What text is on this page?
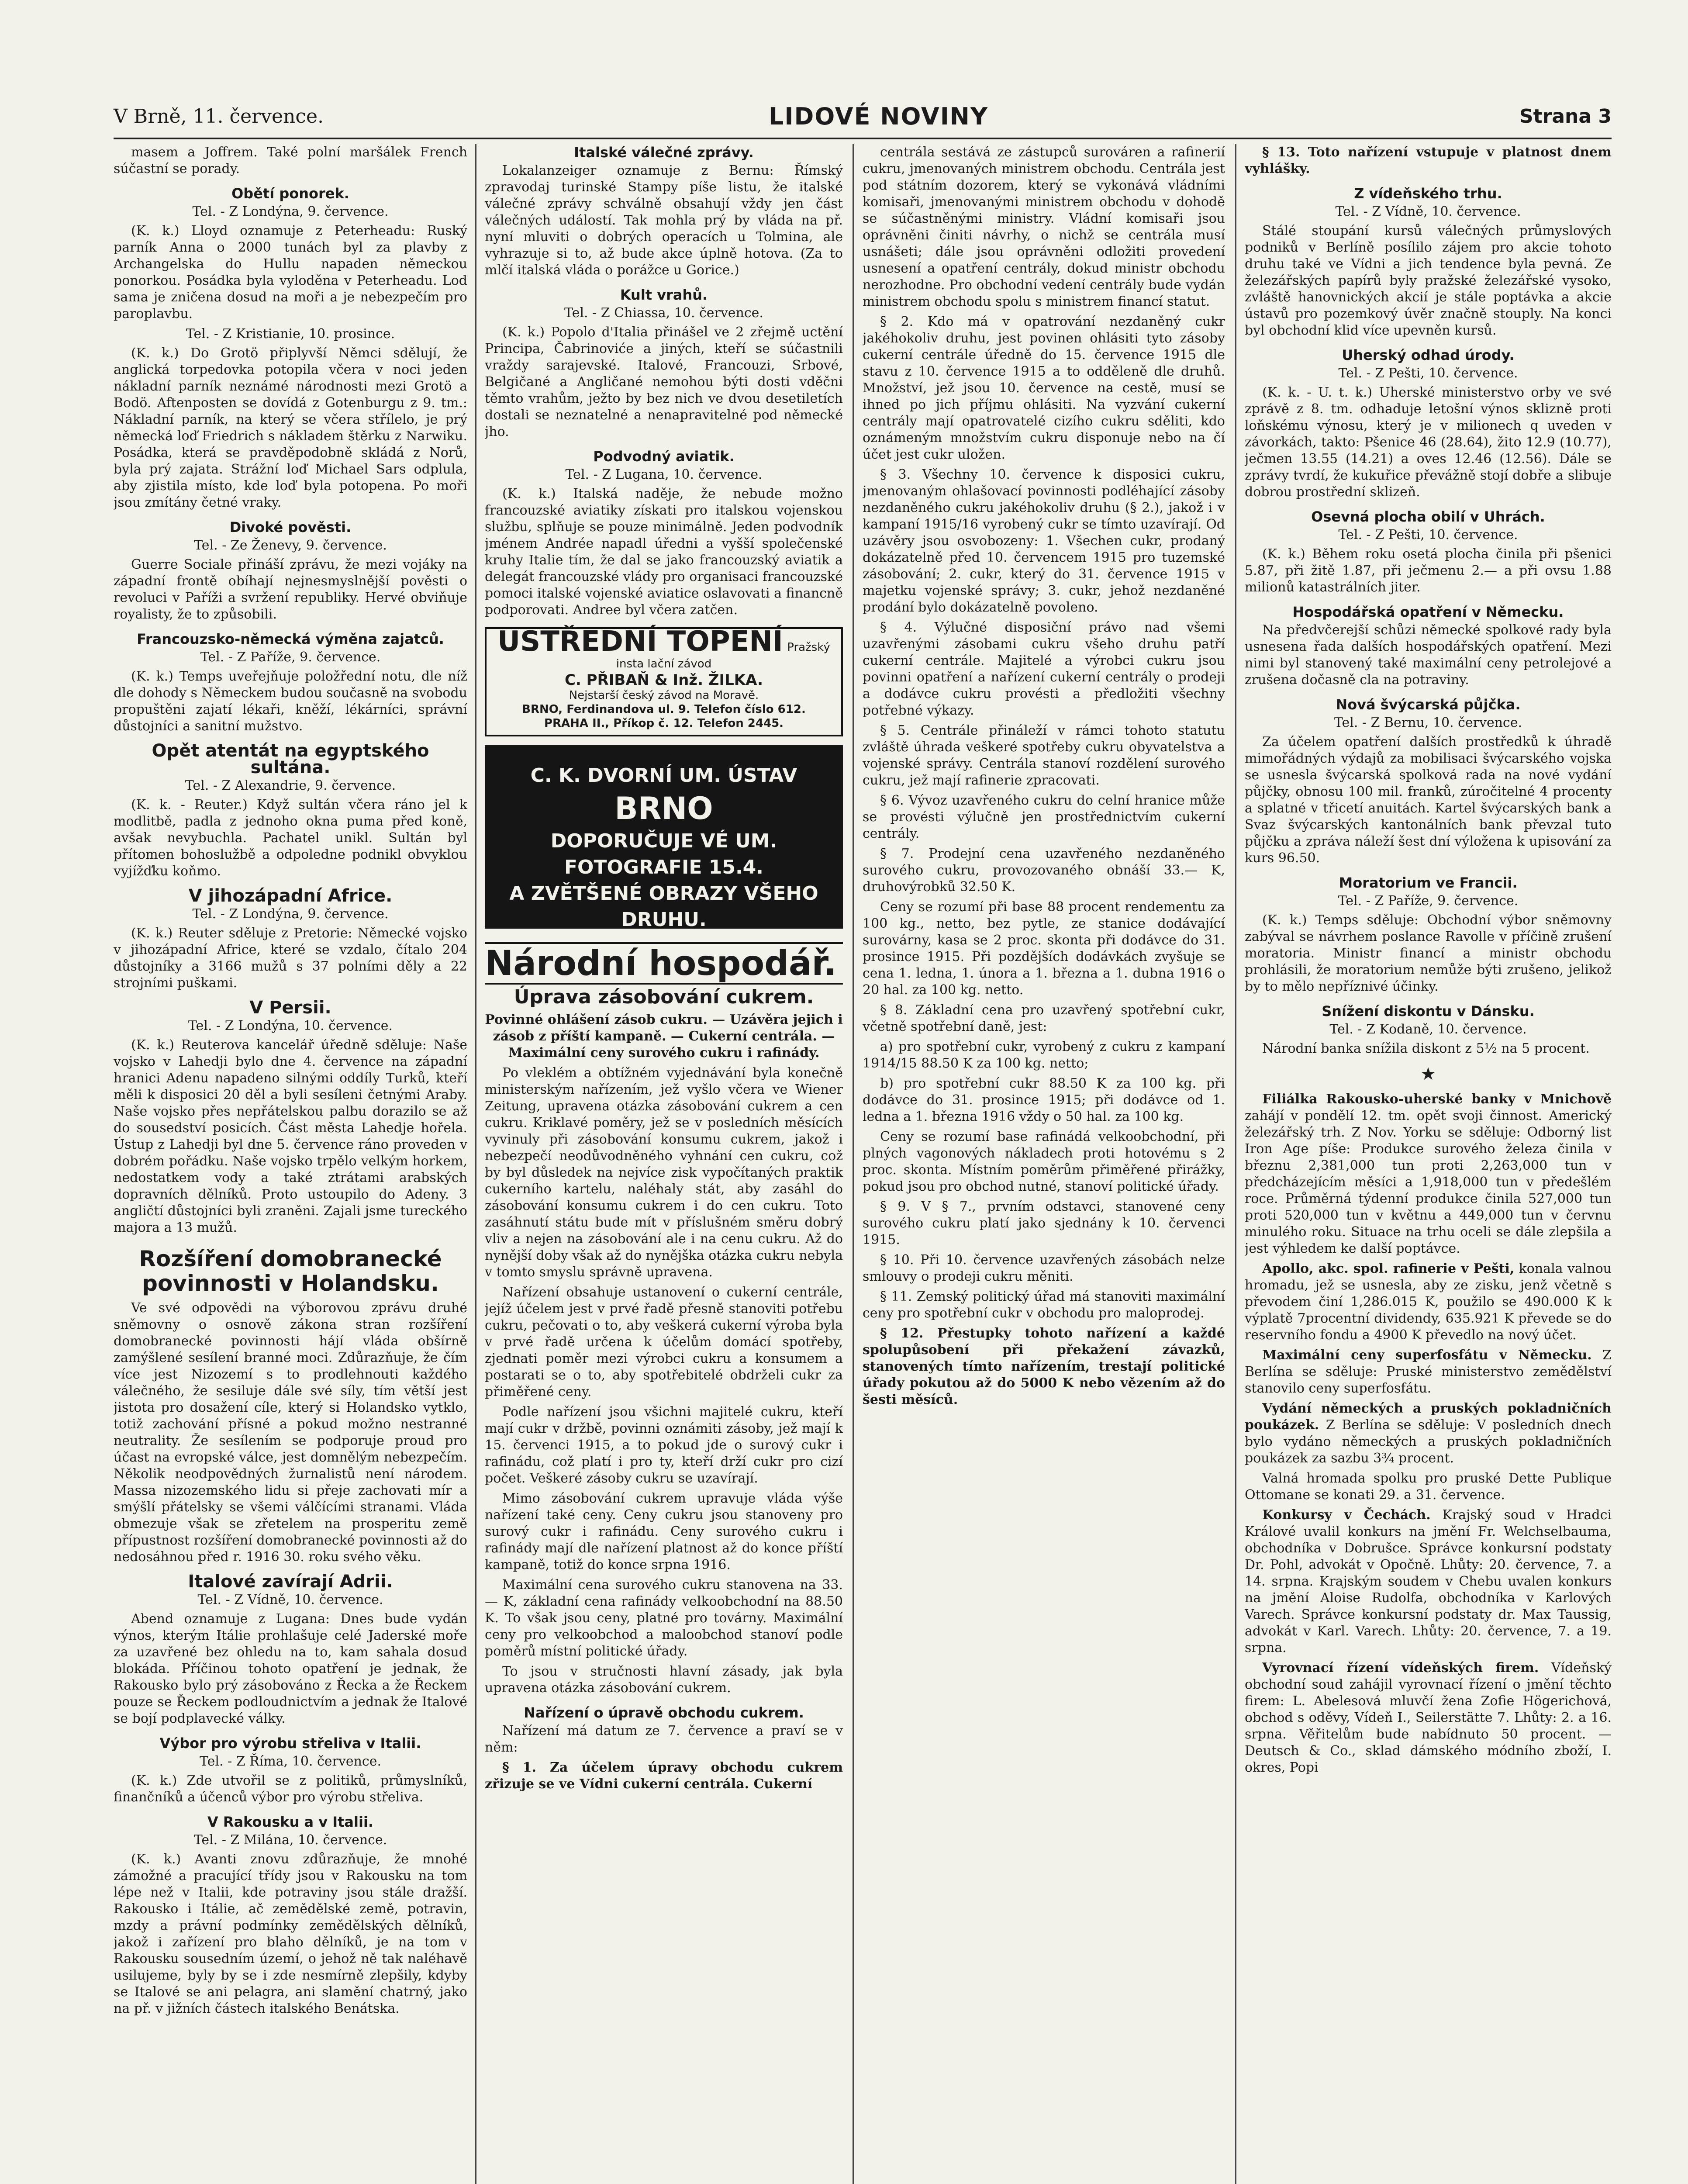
V Brně, 11. července.	LIDOVÉ NOVINY	Strana 3

masem a Joffrem. Také polní maršálek French súčastní se porady.

Obětí ponorek.
Tel. - Z Londýna, 9. července.

(K. k.) Lloyd oznamuje z Peterheadu: Ruský parník Anna o 2000 tunách byl za plavby z Archangelska do Hullu napaden německou ponorkou. Posádka byla vyloděna v Peterheadu. Loď sama je zničena dosud na moři a je nebezpečím pro paroplavbu.

Tel. - Z Kristianie, 10. prosince.

(K. k.) Do Grotö připlyvší Němci sdělují, že anglická torpedovka potopila včera v noci jeden nákladní parník neznámé národnosti mezi Grotö a Bodö. Aftenposten se dovídá z Gotenburgu z 9. tm.: Nákladní parník, na který se včera střílelo, je prý německá loď Friedrich s nákladem štěrku z Narwiku. Posádka, která se pravděpodobně skládá z Norů, byla prý zajata. Strážní loď Michael Sars odplula, aby zjistila místo, kde loď byla potopena. Po moři jsou zmítány četné vraky.

Divoké pověsti.
Tel. - Ze Ženevy, 9. července.

Guerre Sociale přináší zprávu, že mezi vojáky na západní frontě obíhají nejnesmyslnější pověsti o revoluci v Paříži a svržení republiky. Hervé obviňuje royalisty, že to způsobili.

Francouzsko-německá výměna zajatců.
Tel. - Z Paříže, 9. července.

(K. k.) Temps uveřejňuje položřední notu, dle níž dle dohody s Německem budou současně na svobodu propuštěni zajatí lékaři, kněží, lékárníci, správní důstojníci a sanitní mužstvo.

Opět atentát na egyptského sultána.
Tel. - Z Alexandrie, 9. července.

(K. k. - Reuter.) Když sultán včera ráno jel k modlitbě, padla z jednoho okna puma před koně, avšak nevybuchla. Pachatel unikl. Sultán byl přítomen bohoslužbě a odpoledne podnikl obvyklou vyjížďku koňmo.

V jihozápadní Africe.
Tel. - Z Londýna, 9. července.

(K. k.) Reuter sděluje z Pretorie: Německé vojsko v jihozápadní Africe, které se vzdalo, čítalo 204 důstojníky a 3166 mužů s 37 polními děly a 22 strojními puškami.

V Persii.
Tel. - Z Londýna, 10. července.

(K. k.) Reuterova kancelář úředně sděluje: Naše vojsko v Lahedji bylo dne 4. července na západní hranici Adenu napadeno silnými oddíly Turků, kteří měli k disposici 20 děl a byli sesíleni četnými Araby. Naše vojsko přes nepřátelskou palbu dorazilo se až do sousedství posicích. Část města Lahedje hořela. Ústup z Lahedji byl dne 5. července ráno proveden v dobrém pořádku. Naše vojsko trpělo velkým horkem, nedostatkem vody a také ztrátami arabských dopravních dělníků. Proto ustoupilo do Adeny. 3 angličtí důstojníci byli zraněni. Zajali jsme tureckého majora a 13 mužů.

Rozšíření domobranecké povinnosti v Holandsku.

Ve své odpovědi na výborovou zprávu druhé sněmovny o osnově zákona stran rozšíření domobranecké povinnosti hájí vláda obšírně zamýšlené sesílení branné moci. Zdůrazňuje, že čím více jest Nizozemí s to prodlehnouti každého válečného, že sesiluje dále své síly, tím větší jest jistota pro dosažení cíle, který si Holandsko vytklo, totiž zachování přísné a pokud možno nestranné neutrality. Že sesílením se podporuje proud pro účast na evropské válce, jest domnělým nebezpečím. Několik neodpovědných žurnalistů není národem. Massa nizozemského lidu si přeje zachovati mír a smýšlí přátelsky se všemi válčícími stranami. Vláda obmezuje však se zřetelem na prosperitu země přípustnost rozšíření domobranecké povinnosti až do nedosáhnou před r. 1916 30. roku svého věku.

Italové zavírají Adrii.
Tel. - Z Vídně, 10. července.

Abend oznamuje z Lugana: Dnes bude vydán výnos, kterým Itálie prohlašuje celé Jaderské moře za uzavřené bez ohledu na to, kam sahala dosud blokáda. Příčinou tohoto opatření je jednak, že Rakousko bylo prý zásobováno z Řecka a že Řeckem pouze se Řeckem podloudnictvím a jednak že Italové se bojí podplavecké války.

Výbor pro výrobu střeliva v Italii.
Tel. - Z Říma, 10. července.

(K. k.) Zde utvořil se z politiků, průmyslníků, finančníků a účenců výbor pro výrobu střeliva.

V Rakousku a v Italii.
Tel. - Z Milána, 10. července.

(K. k.) Avanti znovu zdůrazňuje, že mnohé zámožné a pracující třídy jsou v Rakousku na tom lépe než v Italii, kde potraviny jsou stále dražší. Rakousko i Itálie, ač zemědělské země, potravin, mzdy a právní podmínky zemědělských dělníků, jakož i zařízení pro blaho dělníků, je na tom v Rakousku sousedním území, o jehož ně tak naléhavě usilujeme, byly by se i zde nesmírně zlepšily, kdyby se Italové se ani pelagra, ani slamění chatrný, jako na př. v jižních částech italského Benátska.

Italské válečné zprávy.

Lokalanzeiger oznamuje z Bernu: Římský zpravodaj turinské Stampy píše listu, že italské válečné zprávy schválně obsahují vždy jen část válečných událostí. Tak mohla prý by vláda na př. nyní mluviti o dobrých operacích u Tolmina, ale vyhrazuje si to, až bude akce úplně hotova. (Za to mlčí italská vláda o porážce u Gorice.)

Kult vrahů.
Tel. - Z Chiassa, 10. července.

(K. k.) Popolo d'Italia přinášel ve 2 zřejmě uctění Principa, Čabrinoviće a jiných, kteří se súčastnili vraždy sarajevské. Italové, Francouzi, Srbové, Belgičané a Angličané nemohou býti dosti vděčni těmto vrahům, ježto by bez nich ve dvou desetiletích dostali se neznatelné a nenapravitelné pod německé jho.

Podvodný aviatik.
Tel. - Z Lugana, 10. července.

(K. k.) Italská naděje, že nebude možno francouzské aviatiky získati pro italskou vojenskou službu, splňuje se pouze minimálně. Jeden podvodník jménem Andrée napadl úředni a vyšší společenské kruhy Italie tím, že dal se jako francouzský aviatik a delegát francouzské vlády pro organisaci francouzské pomoci italské vojenské aviatice oslavovati a financně podporovati. Andree byl včera zatčen.

USTŘEDNÍ TOPENÍ Pražský insta lační závod
C. PŘIBAŇ & Inž. ŽILKA.
Nejstarší český závod na Moravě.
BRNO, Ferdinandova ul. 9. Telefon číslo 612.
PRAHA II., Příkop č. 12. Telefon 2445.
C. K. DVORNÍ UM. ÚSTAV
BRNO
DOPORUČUJE VÉ UM. FOTOGRAFIE 15.4.
A ZVĚTŠENÉ OBRAZY VŠEHO DRUHU.
Národní hospodář.
Úprava zásobování cukrem.

Povinné ohlášení zásob cukru. — Uzávěra jejich i zásob z příští kampaně. — Cukerní centrála. — Maximální ceny surového cukru i rafinády.

Po vleklém a obtížném vyjednávání byla konečně ministerským nařízením, jež vyšlo včera ve Wiener Zeitung, upravena otázka zásobování cukrem a cen cukru. Kriklavé poměry, jež se v posledních měsících vyvinuly při zásobování konsumu cukrem, jakož i nebezpečí neodůvodněného vyhnání cen cukru, což by byl důsledek na nejvíce zisk vypočítaných praktik cukerního kartelu, naléhaly stát, aby zasáhl do zásobování konsumu cukrem i do cen cukru. Toto zasáhnutí státu bude mít v příslušném směru dobrý vliv a nejen na zásobování ale i na cenu cukru. Až do nynější doby však až do nynějška otázka cukru nebyla v tomto smyslu správně upravena.

Nařízení obsahuje ustanovení o cukerní centrále, jejíž účelem jest v prvé řadě přesně stanoviti potřebu cukru, pečovati o to, aby veškerá cukerní výroba byla v prvé řadě určena k účelům domácí spotřeby, zjednati poměr mezi výrobci cukru a konsumem a postarati se o to, aby spotřebitelé obdrželi cukr za přiměřené ceny.

Podle nařízení jsou všichni majitelé cukru, kteří mají cukr v držbě, povinni oznámiti zásoby, jež mají k 15. červenci 1915, a to pokud jde o surový cukr i rafinádu, což platí i pro ty, kteří drží cukr pro cizí počet. Veškeré zásoby cukru se uzavírají.

Mimo zásobování cukrem upravuje vláda výše nařízení také ceny. Ceny cukru jsou stanoveny pro surový cukr i rafinádu. Ceny surového cukru i rafinády mají dle nařízení platnost až do konce příští kampaně, totiž do konce srpna 1916.

Maximální cena surového cukru stanovena na 33.— K, základní cena rafinády velkoobchodní na 88.50 K. To však jsou ceny, platné pro továrny. Maximální ceny pro velkoobchod a maloobchod stanoví podle poměrů místní politické úřady.

To jsou v stručnosti hlavní zásady, jak byla upravena otázka zásobování cukrem.

Nařízení o úpravě obchodu cukrem.

Nařízení má datum ze 7. července a praví se v něm:

§ 1. Za účelem úpravy obchodu cukrem zřizuje se ve Vídni cukerní centrála. Cukerní

centrála sestává ze zástupců surováren a rafinerií cukru, jmenovaných ministrem obchodu. Centrála jest pod státním dozorem, který se vykonává vládními komisaři, jmenovanými ministrem obchodu v dohodě se súčastněnými ministry. Vládní komisaři jsou oprávněni činiti návrhy, o nichž se centrála musí usnášeti; dále jsou oprávněni odložiti provedení usnesení a opatření centrály, dokud ministr obchodu nerozhodne. Pro obchodní vedení centrály bude vydán ministrem obchodu spolu s ministrem financí statut.

§ 2. Kdo má v opatrování nezdaněný cukr jakéhokoliv druhu, jest povinen ohlásiti tyto zásoby cukerní centrále úředně do 15. července 1915 dle stavu z 10. července 1915 a to odděleně dle druhů. Množství, jež jsou 10. července na cestě, musí se ihned po jich příjmu ohlásiti. Na vyzvání cukerní centrály mají opatrovatelé cizího cukru sděliti, kdo oznámeným množstvím cukru disponuje nebo na čí účet jest cukr uložen.

§ 3. Všechny 10. července k disposici cukru, jmenovaným ohlašovací povinnosti podléhající zásoby nezdaněného cukru jakéhokoliv druhu (§ 2.), jakož i v kampaní 1915/16 vyrobený cukr se tímto uzavírají. Od uzávěry jsou osvobozeny: 1. Všechen cukr, prodaný dokázatelně před 10. červencem 1915 pro tuzemské zásobování; 2. cukr, který do 31. července 1915 v majetku vojenské správy; 3. cukr, jehož nezdaněné prodání bylo dokázatelně povoleno.

§ 4. Výlučné disposiční právo nad všemi uzavřenými zásobami cukru všeho druhu patří cukerní centrále. Majitelé a výrobci cukru jsou povinni opatření a nařízení cukerní centrály o prodeji a dodávce cukru provésti a předložiti všechny potřebné výkazy.

§ 5. Centrále přináleží v rámci tohoto statutu zvláště úhrada veškeré spotřeby cukru obyvatelstva a vojenské správy. Centrála stanoví rozdělení surového cukru, jež mají rafinerie zpracovati.

§ 6. Vývoz uzavřeného cukru do celní hranice může se provésti výlučně jen prostřednictvím cukerní centrály.

§ 7. Prodejní cena uzavřeného nezdaněného surového cukru, provozovaného obnáší 33.— K, druhovýrobků 32.50 K.

Ceny se rozumí při base 88 procent rendementu za 100 kg., netto, bez pytle, ze stanice dodávající surovárny, kasa se 2 proc. skonta při dodávce do 31. prosince 1915. Při pozdějších dodávkách zvyšuje se cena 1. ledna, 1. února a 1. března a 1. dubna 1916 o 20 hal. za 100 kg. netto.

§ 8. Základní cena pro uzavřený spotřební cukr, včetně spotřební daně, jest:

a) pro spotřební cukr, vyrobený z cukru z kampaní 1914/15 88.50 K za 100 kg. netto;

b) pro spotřební cukr 88.50 K za 100 kg. při dodávce do 31. prosince 1915; při dodávce od 1. ledna a 1. března 1916 vždy o 50 hal. za 100 kg.

Ceny se rozumí base rafinádá velkoobchodní, při plných vagonových nákladech proti hotovému s 2 proc. skonta. Místním poměrům přiměřené přirážky, pokud jsou pro obchod nutné, stanoví politické úřady.

§ 9. V § 7., prvním odstavci, stanovené ceny surového cukru platí jako sjednány k 10. červenci 1915.

§ 10. Při 10. července uzavřených zásobách nelze smlouvy o prodeji cukru měniti.

§ 11. Zemský politický úřad má stanoviti maximální ceny pro spotřební cukr v obchodu pro maloprodej.

§ 12. Přestupky tohoto nařízení a každé spolupůsobení při překažení závazků, stanovených tímto nařízením, trestají politické úřady pokutou až do 5000 K nebo vězením až do šesti měsíců.

§ 13. Toto nařízení vstupuje v platnost dnem vyhlášky.

Z vídeňského trhu.
Tel. - Z Vídně, 10. července.

Stálé stoupání kursů válečných průmyslových podniků v Berlíně posílilo zájem pro akcie tohoto druhu také ve Vídni a jich tendence byla pevná. Ze železářských papírů byly pražské železářské vysoko, zvláště hanovnických akcií je stále poptávka a akcie ústavů pro pozemkový úvěr značně stouply. Na konci byl obchodní klid více upevněn kursů.

Uherský odhad úrody.
Tel. - Z Pešti, 10. července.

(K. k. - U. t. k.) Uherské ministerstvo orby ve své zprávě z 8. tm. odhaduje letošní výnos sklizně proti loňskému výnosu, který je v milionech q uveden v závorkách, takto: Pšenice 46 (28.64), žito 12.9 (10.77), ječmen 13.55 (14.21) a oves 12.46 (12.56). Dále se zprávy tvrdí, že kukuřice převážně stojí dobře a slibuje dobrou prostřední sklizeň.

Osevná plocha obilí v Uhrách.
Tel. - Z Pešti, 10. července.

(K. k.) Během roku osetá plocha činila při pšenici 5.87, při žitě 1.87, při ječmenu 2.— a při ovsu 1.88 milionů katastrálních jiter.

Hospodářská opatření v Německu.

Na předvčerejší schůzi německé spolkové rady byla usnesena řada dalších hospodářských opatření. Mezi nimi byl stanovený také maximální ceny petrolejové a zrušena dočasně cla na potraviny.

Nová švýcarská půjčka.
Tel. - Z Bernu, 10. července.

Za účelem opatření dalších prostředků k úhradě mimořádných výdajů za mobilisaci švýcarského vojska se usnesla švýcarská spolková rada na nové vydání půjčky, obnosu 100 mil. franků, zúročitelné 4 procenty a splatné v třicetí anuitách. Kartel švýcarských bank a Svaz švýcarských kantonálních bank převzal tuto půjčku a zpráva náleží šest dní výložena k upisování za kurs 96.50.

Moratorium ve Francii.
Tel. - Z Paříže, 9. července.

(K. k.) Temps sděluje: Obchodní výbor sněmovny zabýval se návrhem poslance Ravolle v příčině zrušení moratoria. Ministr financí a ministr obchodu prohlásili, že moratorium nemůže býti zrušeno, jelikož by to mělo nepříznivé účinky.

Snížení diskontu v Dánsku.
Tel. - Z Kodaně, 10. července.

Národní banka snížila diskont z 5½ na 5 procent.

★

Filiálka Rakousko-uherské banky v Mnichově zahájí v pondělí 12. tm. opět svoji činnost. Americký železářský trh. Z Nov. Yorku se sděluje: Odborný list Iron Age píše: Produkce surového železa činila v březnu 2,381,000 tun proti 2,263,000 tun v předcházejícím měsíci a 1,918,000 tun v předešlém roce. Průměrná týdenní produkce činila 527,000 tun proti 520,000 tun v květnu a 449,000 tun v červnu minulého roku. Situace na trhu oceli se dále zlepšila a jest výhledem ke další poptávce.

Apollo, akc. spol. rafinerie v Pešti, konala valnou hromadu, jež se usnesla, aby ze zisku, jenž včetně s převodem činí 1,286.015 K, použilo se 490.000 K k výplatě 7procentní dividendy, 635.921 K převede se do reservního fondu a 4900 K převedlo na nový účet.

Maximální ceny superfosfátu v Německu. Z Berlína se sděluje: Pruské ministerstvo zemědělství stanovilo ceny superfosfátu.

Vydání německých a pruských pokladničních poukázek. Z Berlína se sděluje: V posledních dnech bylo vydáno německých a pruských pokladničních poukázek za sazbu 3¾ procent.

Valná hromada spolku pro pruské Dette Publique Ottomane se konati 29. a 31. července.

Konkursy v Čechách. Krajský soud v Hradci Králové uvalil konkurs na jmění Fr. Welchselbauma, obchodníka v Dobrušce. Správce konkursní podstaty Dr. Pohl, advokát v Opočně. Lhůty: 20. července, 7. a 14. srpna. Krajským soudem v Chebu uvalen konkurs na jmění Aloise Rudolfa, obchodníka v Karlových Varech. Správce konkursní podstaty dr. Max Taussig, advokát v Karl. Varech. Lhůty: 20. července, 7. a 19. srpna.

Vyrovnací řízení vídeňských firem. Vídeňský obchodní soud zahájil vyrovnací řízení o jmění těchto firem: L. Abelesová mluvčí žena Zofie Högerichová, obchod s oděvy, Vídeň I., Seilerstätte 7. Lhůty: 2. a 16. srpna. Věřitelům bude nabídnuto 50 procent. — Deutsch & Co., sklad dámského módního zboží, I. okres, Popi
